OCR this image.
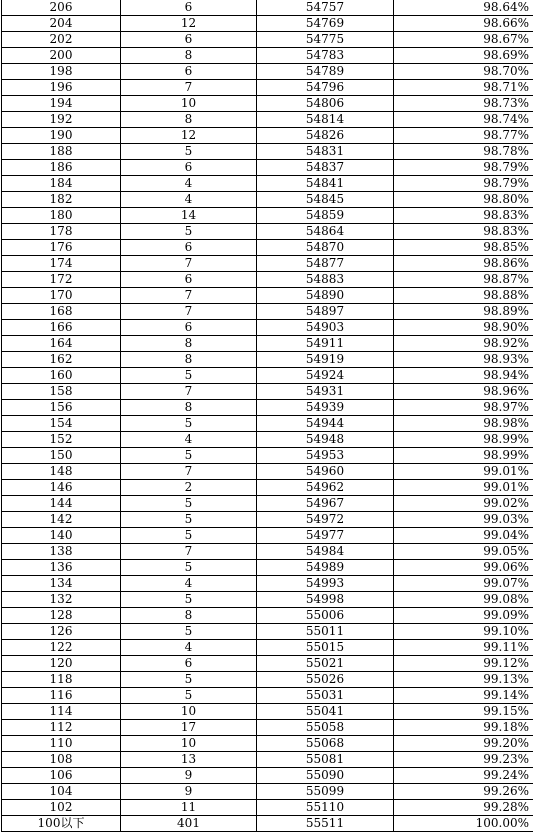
206	6	54757	98.64%
204	12	54769	98.66%
202	6	54775	98.67%
200	8	54783	98.69%
198	6	54789	98.70%
196	7	54796	98.71%
194	10	54806	98.73%
192	8	54814	98.74%
190	12	54826	98.77%
188	5	54831	98.78%
186	6	54837	98.79%
184	4	54841	98.79%
182	4	54845	98.80%
180	14	54859	98.83%
178	5	54864	98.83%
176	6	54870	98.85%
174	7	54877	98.86%
172	6	54883	98.87%
170	7	54890	98.88%
168	7	54897	98.89%
166	6	54903	98.90%
164	8	54911	98.92%
162	8	54919	98.93%
160	5	54924	98.94%
158	7	54931	98.96%
156	8	54939	98.97%
154	5	54944	98.98%
152	4	54948	98.99%
150	5	54953	98.99%
148	7	54960	99.01%
146	2	54962	99.01%
144	5	54967	99.02%
142	5	54972	99.03%
140	5	54977	99.04%
138	7	54984	99.05%
136	5	54989	99.06%
134	4	54993	99.07%
132	5	54998	99.08%
128	8	55006	99.09%
126	5	55011	99.10%
122	4	55015	99.11%
120	6	55021	99.12%
118	5	55026	99.13%
116	5	55031	99.14%
114	10	55041	99.15%
112	17	55058	99.18%
110	10	55068	99.20%
108	13	55081	99.23%
106	9	55090	99.24%
104	9	55099	99.26%
102	11	55110	99.28%
100以下	401	55511	100.00%
